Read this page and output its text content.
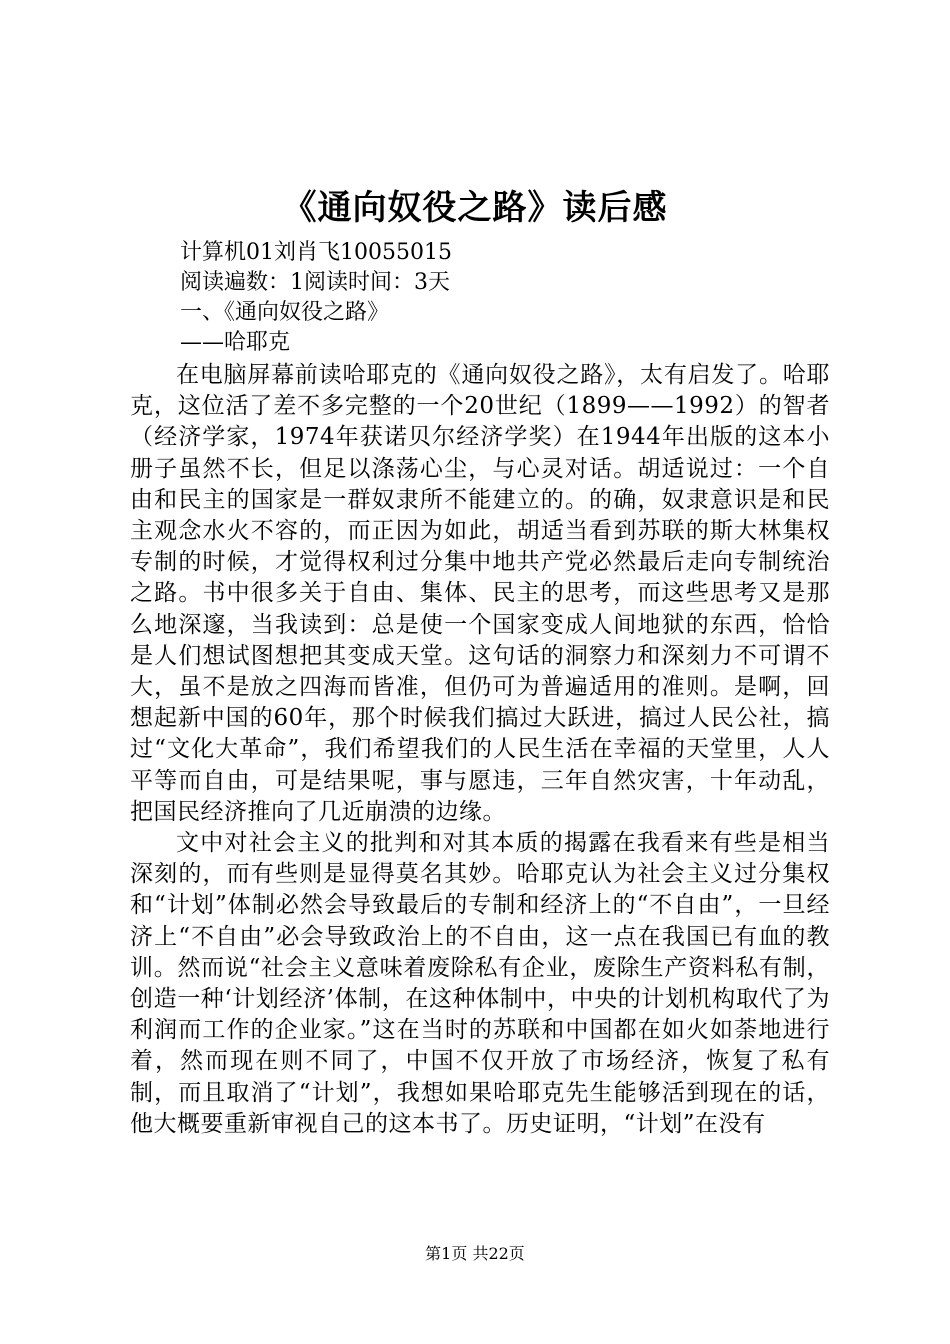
《通向奴役之路》读后感
计算机01刘肖飞10055015
阅读遍数：1阅读时间：3天
一、《通向奴役之路》
——哈耶克

在电脑屏幕前读哈耶克的《通向奴役之路》，太有启发了。哈耶克，这位活了差不多完整的一个20世纪（1899——1992）的智者（经济学家，1974年获诺贝尔经济学奖）在1944年出版的这本小册子虽然不长，但足以涤荡心尘，与心灵对话。胡适说过：一个自由和民主的国家是一群奴隶所不能建立的。的确，奴隶意识是和民主观念水火不容的，而正因为如此，胡适当看到苏联的斯大林集权专制的时候，才觉得权利过分集中地共产党必然最后走向专制统治之路。书中很多关于自由、集体、民主的思考，而这些思考又是那么地深邃，当我读到：总是使一个国家变成人间地狱的东西，恰恰是人们想试图想把其变成天堂。这句话的洞察力和深刻力不可谓不大，虽不是放之四海而皆准，但仍可为普遍适用的准则。是啊，回想起新中国的60年，那个时候我们搞过大跃进，搞过人民公社，搞过“文化大革命”，我们希望我们的人民生活在幸福的天堂里，人人平等而自由，可是结果呢，事与愿违，三年自然灾害，十年动乱，把国民经济推向了几近崩溃的边缘。

文中对社会主义的批判和对其本质的揭露在我看来有些是相当深刻的，而有些则是显得莫名其妙。哈耶克认为社会主义过分集权和“计划”体制必然会导致最后的专制和经济上的“不自由”，一旦经济上“不自由”必会导致政治上的不自由，这一点在我国已有血的教训。然而说“社会主义意味着废除私有企业，废除生产资料私有制，创造一种‘计划经济’体制，在这种体制中，中央的计划机构取代了为利润而工作的企业家。”这在当时的苏联和中国都在如火如荼地进行着，然而现在则不同了，中国不仅开放了市场经济，恢复了私有制，而且取消了“计划”，我想如果哈耶克先生能够活到现在的话，他大概要重新审视自己的这本书了。历史证明，“计划”在没有

第1页 共22页
